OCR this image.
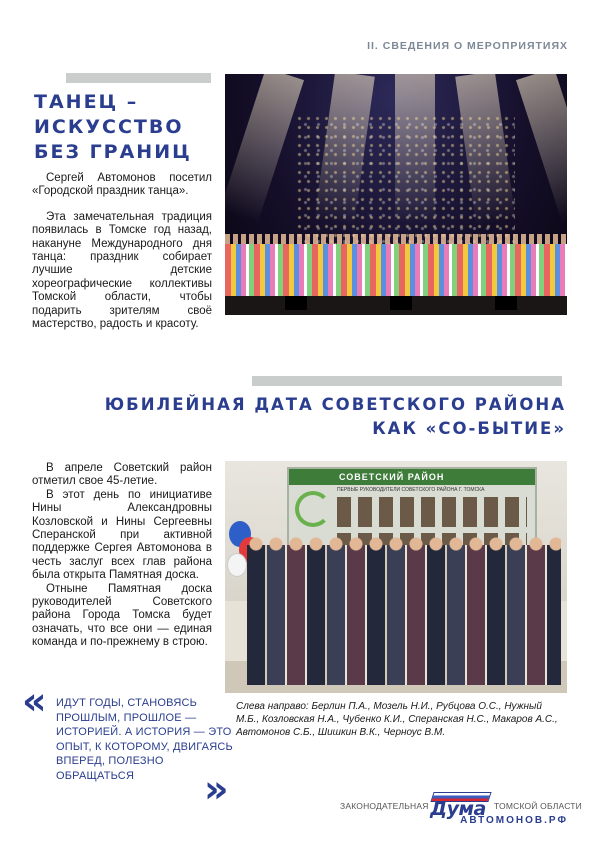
II. СВЕДЕНИЯ О МЕРОПРИЯТИЯХ
ТАНЕЦ – ИСКУССТВО БЕЗ ГРАНИЦ

Сергей Автомонов посетил «Городской праздник танца».

Эта замечательная традиция появилась в Томске год назад, накануне Международного дня танца: праздник собирает лучшие детские хореографические коллективы Томской области, чтобы подарить зрителям своё мастерство, радость и красоту.

ЮБИЛЕЙНАЯ ДАТА СОВЕТСКОГО РАЙОНА
КАК «СО-БЫТИЕ»

В апреле Советский район отметил свое 45-летие.

В этот день по инициативе Нины Александровны Козловской и Нины Сергеевны Сперанской при активной поддержке Сергея Автомонова в честь заслуг всех глав района была открыта Памятная доска.

Отныне Памятная доска руководителей Советского района Города Томска будет означать, что все они — единая команда и по-прежнему в строю.

СОВЕТСКИЙ РАЙОН
ПЕРВЫЕ РУКОВОДИТЕЛИ СОВЕТСКОГО РАЙОНА Г. ТОМСКА
Слева направо: Берлин П.А., Мозель Н.И., Рубцова О.С., Нужный М.Б., Козловская Н.А., Чубенко К.И., Сперанская Н.С., Макаров А.С., Автомонов С.Б., Шишкин В.К., Черноус В.М.
« ИДУТ ГОДЫ, СТАНОВЯСЬ ПРОШЛЫМ, ПРОШЛОЕ — ИСТОРИЕЙ. А ИСТОРИЯ — ЭТО ОПЫТ, К КОТОРОМУ, ДВИГАЯСЬ ВПЕРЕД, ПОЛЕЗНО ОБРАЩАТЬСЯ	»	ЗАКОНОДАТЕЛЬНАЯ Дума ТОМСКОЙ ОБЛАСТИ
АВТОМОНОВ.РФ
